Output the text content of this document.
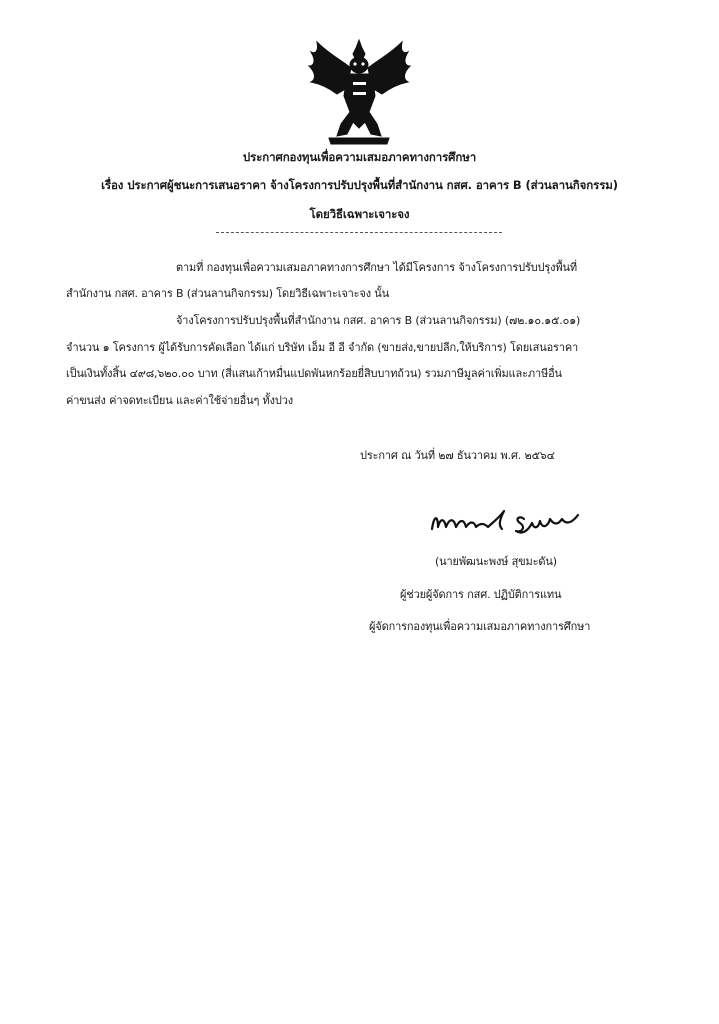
ประกาศกองทุนเพื่อความเสมอภาคทางการศึกษา
เรื่อง ประกาศผู้ชนะการเสนอราคา จ้างโครงการปรับปรุงพื้นที่สำนักงาน กสศ. อาคาร B (ส่วนลานกิจกรรม)
โดยวิธีเฉพาะเจาะจง
ตามที่ กองทุนเพื่อความเสมอภาคทางการศึกษา ได้มีโครงการ จ้างโครงการปรับปรุงพื้นที่
สำนักงาน กสศ. อาคาร B (ส่วนลานกิจกรรม) โดยวิธีเฉพาะเจาะจง นั้น
จ้างโครงการปรับปรุงพื้นที่สำนักงาน กสศ. อาคาร B (ส่วนลานกิจกรรม) (๗๒.๑๐.๑๕.๐๑)
จำนวน ๑ โครงการ ผู้ได้รับการคัดเลือก ได้แก่ บริษัท เอ็ม อี อี จำกัด (ขายส่ง,ขายปลีก,ให้บริการ) โดยเสนอราคา
เป็นเงินทั้งสิ้น ๔๙๘,๖๒๐.๐๐ บาท (สี่แสนเก้าหมื่นแปดพันหกร้อยยี่สิบบาทถ้วน) รวมภาษีมูลค่าเพิ่มและภาษีอื่น
ค่าขนส่ง ค่าจดทะเบียน และค่าใช้จ่ายอื่นๆ ทั้งปวง
ประกาศ ณ วันที่ ๒๗ ธันวาคม พ.ศ. ๒๕๖๔
(นายพัฒนะพงษ์ สุขมะดัน)
ผู้ช่วยผู้จัดการ กสศ. ปฏิบัติการแทน
ผู้จัดการกองทุนเพื่อความเสมอภาคทางการศึกษา
